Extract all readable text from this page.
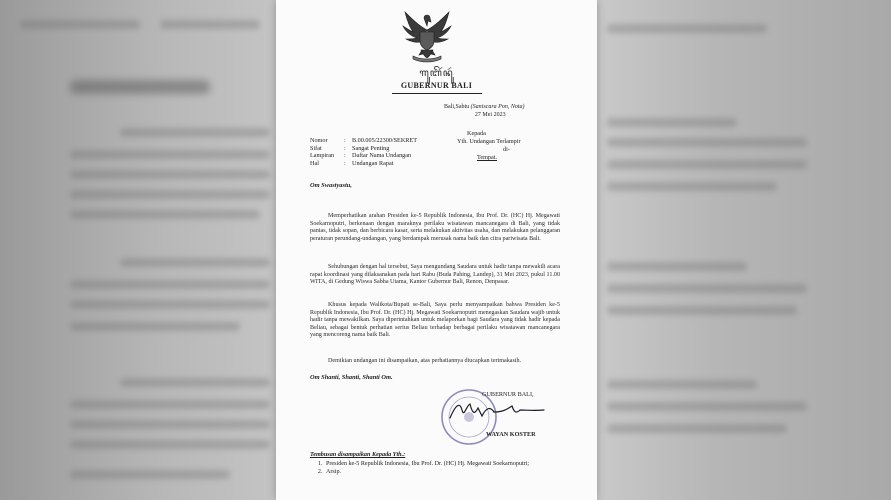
ꦒꦸꦧꦼꦂꦤꦸꦂ
GUBERNUR BALI
Bali,Sabtu (Saniscara Pon, Nota)
27 Mei 2023
Kepada
Yth. Undangan Terlampir
di-
Tempat.
Nomor	: B.00.005/22300/SEKRET
Sifat	: Sangat Penting
Lampiran : Daftar Nama Undangan
Hal	: Undangan Rapat
Om Swastyastu,

Memperhatikan arahan Presiden ke-5 Republik Indonesia, Ibu Prof. Dr. (HC) Hj. Megawati Soekarnoputri, berkenaan dengan maraknya perilaku wisatawan mancanegara di Bali, yang tidak pantas, tidak sopan, dan berbicara kasar, serta melakukan aktivitas usaha, dan melakukan pelanggaran peraturan perundang-undangan, yang berdampak merusak nama baik dan citra pariwisata Bali.

Sehubungan dengan hal tersebut, Saya mengundang Saudara untuk hadir tanpa mewakili acara rapat koordinasi yang dilaksanakan pada hari Rabu (Buda Pahing, Landep), 31 Mei 2023, pukul 11.00 WITA, di Gedung Wiswa Sabha Utama, Kantor Gubernur Bali, Renon, Denpasar.

Khusus kepada Walikota/Bupati se-Bali, Saya perlu menyampaikan bahwa Presiden ke-5 Republik Indonesia, Ibu Prof. Dr. (HC) Hj. Megawati Soekarnoputri menegaskan Saudara wajib untuk hadir tanpa mewakilkan. Saya diperintahkan untuk melaporkan bagi Saudara yang tidak hadir kepada Beliau, sebagai bentuk perhatian serius Beliau terhadap berbagai perilaku wisatawan mancanegara yang mencoreng nama baik Bali.

Demikian undangan ini disampaikan, atas perhatiannya diucapkan terimakasih.

Om Shanti, Shanti, Shanti Om.
GUBERNUR BALI,
WAYAN KOSTER
Tembusan disampaikan Kepada Yth.:
1. Presiden ke-5 Republik Indonesia, Ibu Prof. Dr. (HC) Hj. Megawati Soekarnoputri;
2. Arsip.
